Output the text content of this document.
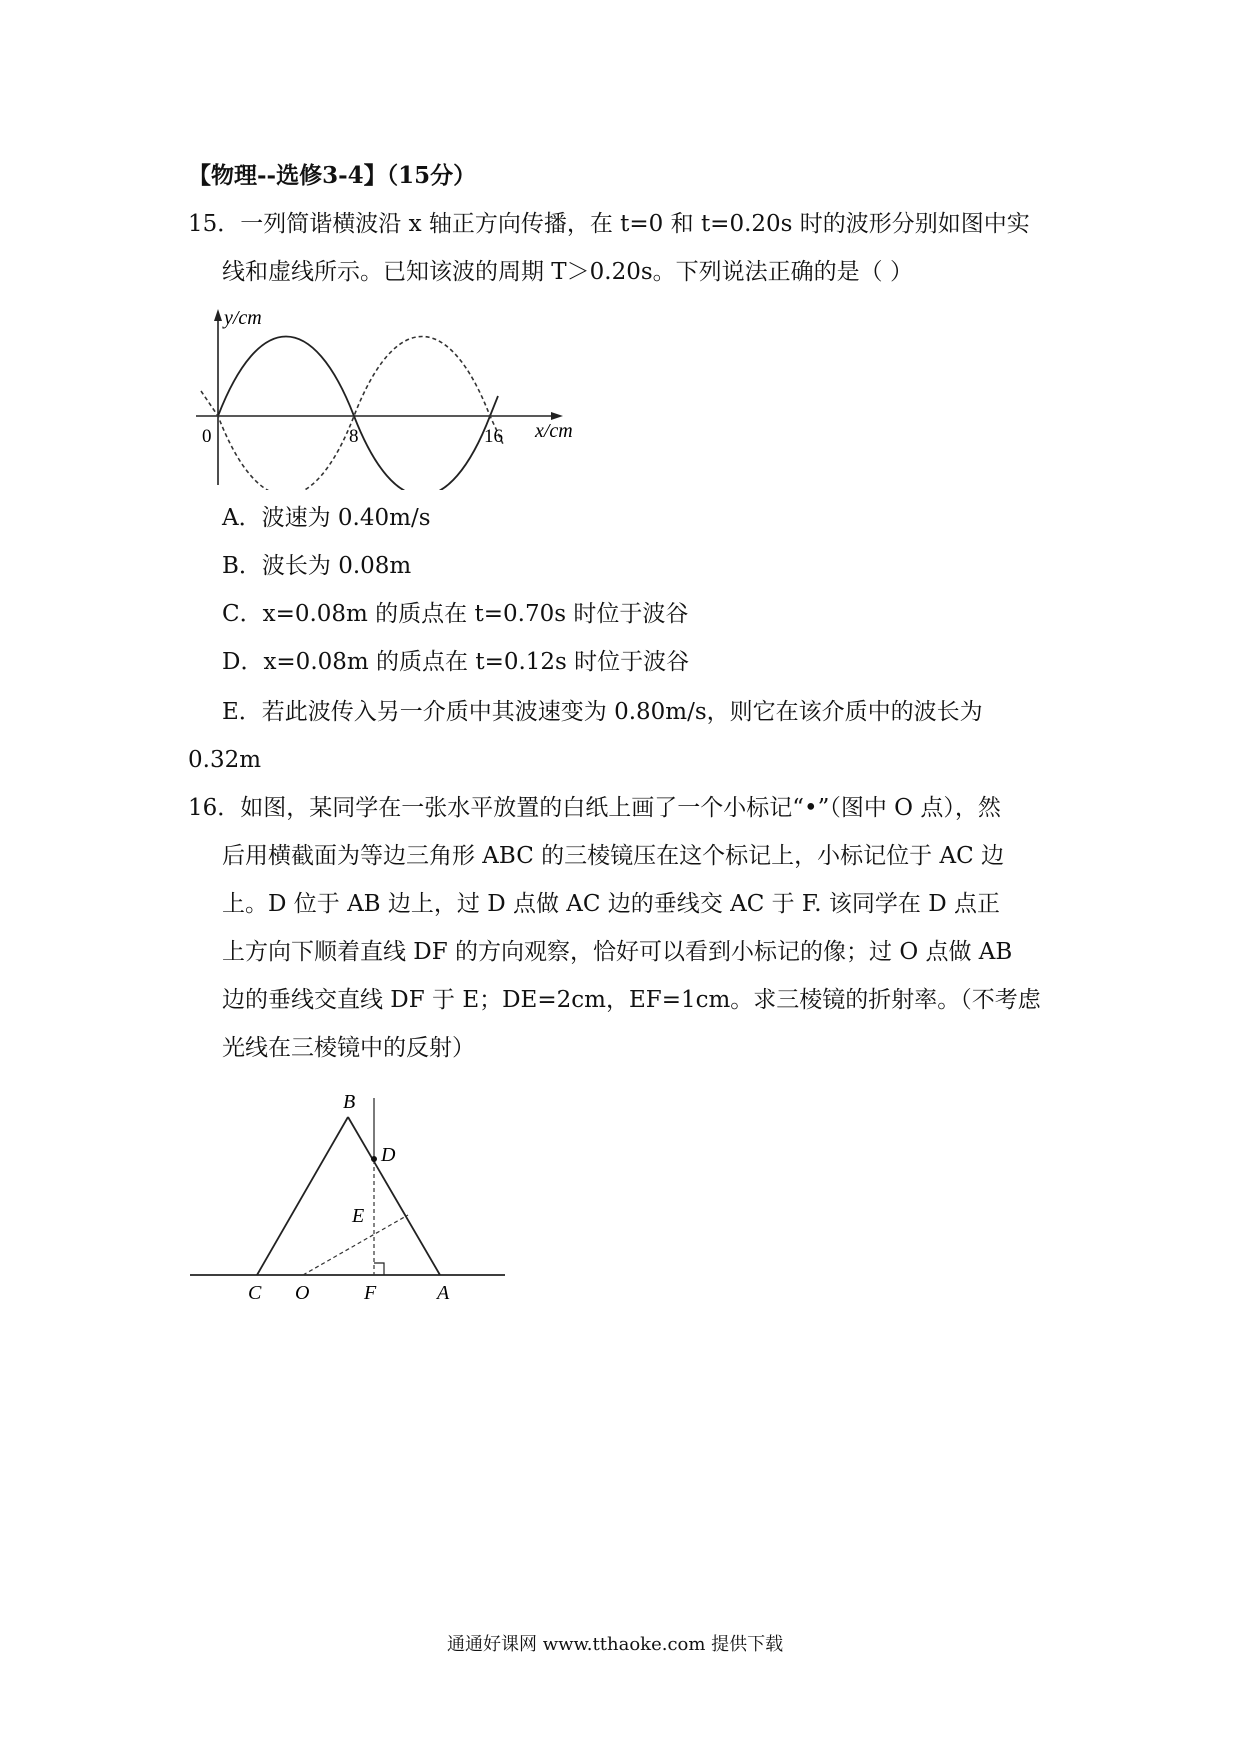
【物理--选修3-4】（15分）
15．一列简谐横波沿 x 轴正方向传播，在 t=0 和 t=0.20s 时的波形分别如图中实
线和虚线所示。已知该波的周期 T＞0.20s。下列说法正确的是（ ）
y/cm
x/cm
0	8	16
A．波速为 0.40m/s
B．波长为 0.08m
C．x=0.08m 的质点在 t=0.70s 时位于波谷
D．x=0.08m 的质点在 t=0.12s 时位于波谷
E．若此波传入另一介质中其波速变为 0.80m/s，则它在该介质中的波长为
0.32m
16．如图，某同学在一张水平放置的白纸上画了一个小标记“•”（图中 O 点），然
后用横截面为等边三角形 ABC 的三棱镜压在这个标记上，小标记位于 AC 边
上。D 位于 AB 边上，过 D 点做 AC 边的垂线交 AC 于 F. 该同学在 D 点正
上方向下顺着直线 DF 的方向观察，恰好可以看到小标记的像；过 O 点做 AB
边的垂线交直线 DF 于 E；DE=2cm，EF=1cm。求三棱镜的折射率。（不考虑
光线在三棱镜中的反射）
B
D
E
C O	F	A
通通好课网 www.tthaoke.com 提供下载
